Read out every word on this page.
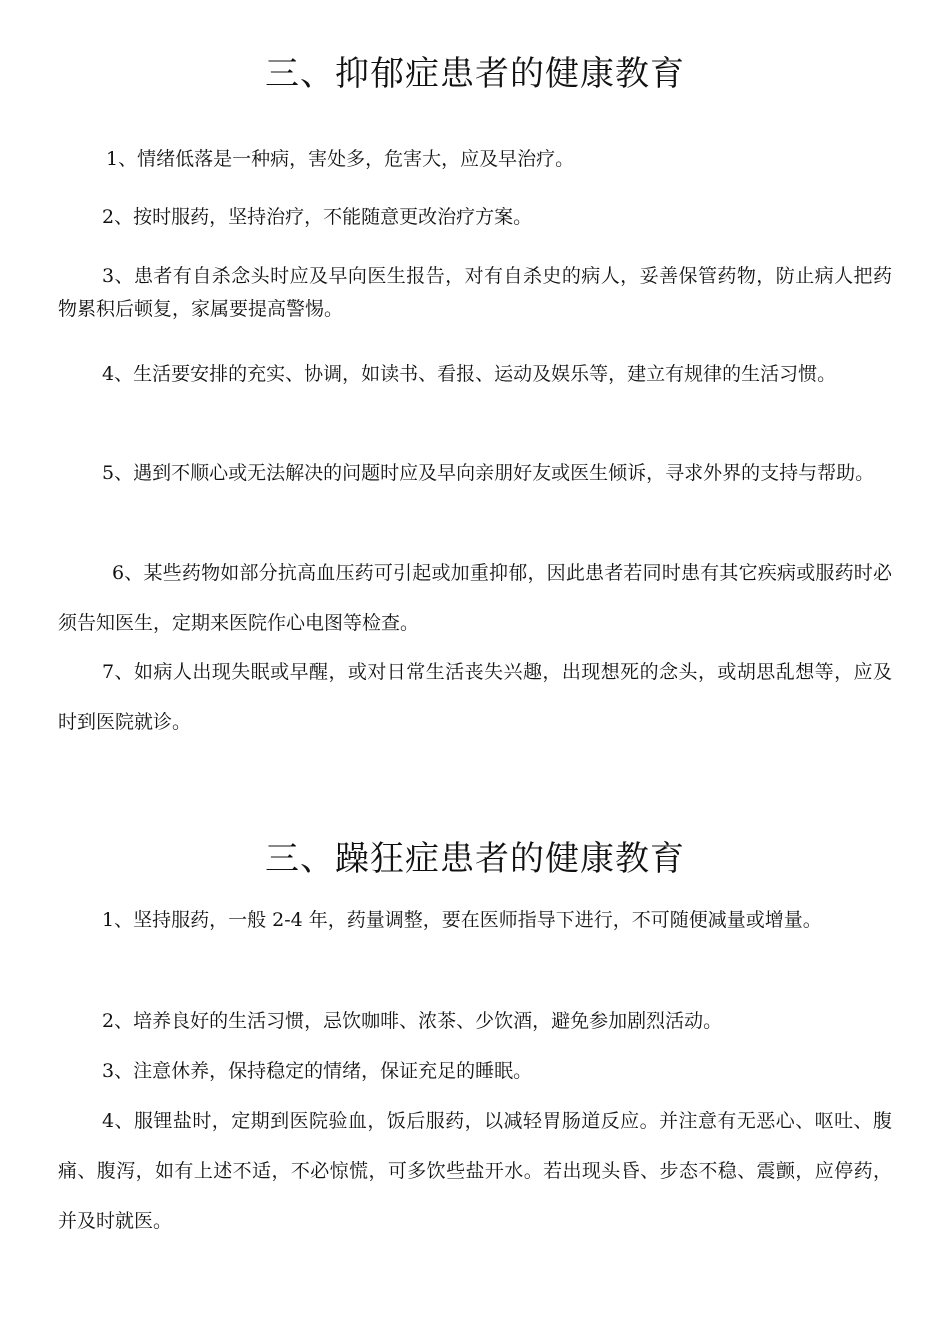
三、抑郁症患者的健康教育

1、情绪低落是一种病，害处多，危害大，应及早治疗。

2、按时服药，坚持治疗，不能随意更改治疗方案。

3、患者有自杀念头时应及早向医生报告，对有自杀史的病人，妥善保管药物，防止病人把药物累积后顿复，家属要提高警惕。

4、生活要安排的充实、协调，如读书、看报、运动及娱乐等，建立有规律的生活习惯。

5、遇到不顺心或无法解决的问题时应及早向亲朋好友或医生倾诉，寻求外界的支持与帮助。

6、某些药物如部分抗高血压药可引起或加重抑郁，因此患者若同时患有其它疾病或服药时必须告知医生，定期来医院作心电图等检查。

7、如病人出现失眠或早醒，或对日常生活丧失兴趣，出现想死的念头，或胡思乱想等，应及时到医院就诊。

三、躁狂症患者的健康教育

1、坚持服药，一般 2-4 年，药量调整，要在医师指导下进行，不可随便减量或增量。

2、培养良好的生活习惯，忌饮咖啡、浓茶、少饮酒，避免参加剧烈活动。

3、注意休养，保持稳定的情绪，保证充足的睡眠。

4、服锂盐时，定期到医院验血，饭后服药，以减轻胃肠道反应。并注意有无恶心、呕吐、腹痛、腹泻，如有上述不适，不必惊慌，可多饮些盐开水。若出现头昏、步态不稳、震颤，应停药，并及时就医。
